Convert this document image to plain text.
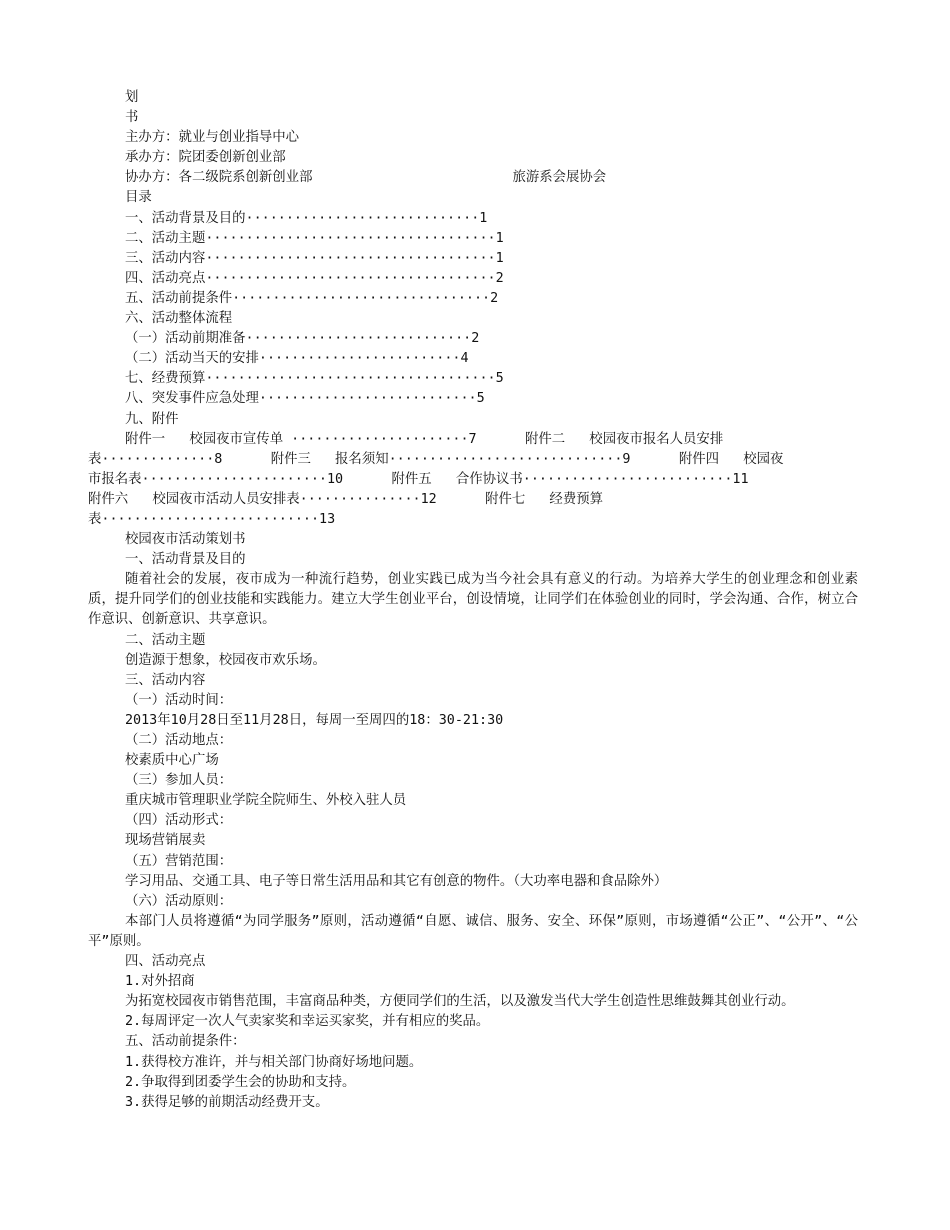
划

书

主办方：就业与创业指导中心

承办方：院团委创新创业部

协办方：各二级院系创新创业部	旅游系会展协会

目录

一、活动背景及目的·····························1

二、活动主题····································1

三、活动内容····································1

四、活动亮点····································2

五、活动前提条件································2

六、活动整体流程

（一）活动前期准备····························2

（二）活动当天的安排·························4

七、经费预算····································5

八、突发事件应急处理···························5

九、附件

附件一   校园夜市宣传单 ······················7      附件二   校园夜市报名人员安排

表··············8      附件三   报名须知·····························9      附件四   校园夜

市报名表·······················10      附件五   合作协议书··························11

附件六   校园夜市活动人员安排表···············12      附件七   经费预算

表···························13

校园夜市活动策划书

一、活动背景及目的

随着社会的发展，夜市成为一种流行趋势，创业实践已成为当今社会具有意义的行动。为培养大学生的创业理念和创业素质，提升同学们的创业技能和实践能力。建立大学生创业平台，创设情境，让同学们在体验创业的同时，学会沟通、合作，树立合作意识、创新意识、共享意识。

二、活动主题

创造源于想象，校园夜市欢乐场。

三、活动内容

（一）活动时间：

2013年10月28日至11月28日，每周一至周四的18：30-21:30

（二）活动地点：

校素质中心广场

（三）参加人员：

重庆城市管理职业学院全院师生、外校入驻人员

（四）活动形式：

现场营销展卖

（五）营销范围：

学习用品、交通工具、电子等日常生活用品和其它有创意的物件。（大功率电器和食品除外）

（六）活动原则：

本部门人员将遵循“为同学服务”原则，活动遵循“自愿、诚信、服务、安全、环保”原则，市场遵循“公正”、“公开”、“公平”原则。

四、活动亮点

1.对外招商

为拓宽校园夜市销售范围，丰富商品种类，方便同学们的生活，以及激发当代大学生创造性思维鼓舞其创业行动。

2.每周评定一次人气卖家奖和幸运买家奖，并有相应的奖品。

五、活动前提条件：

1.获得校方准许，并与相关部门协商好场地问题。

2.争取得到团委学生会的协助和支持。

3.获得足够的前期活动经费开支。
